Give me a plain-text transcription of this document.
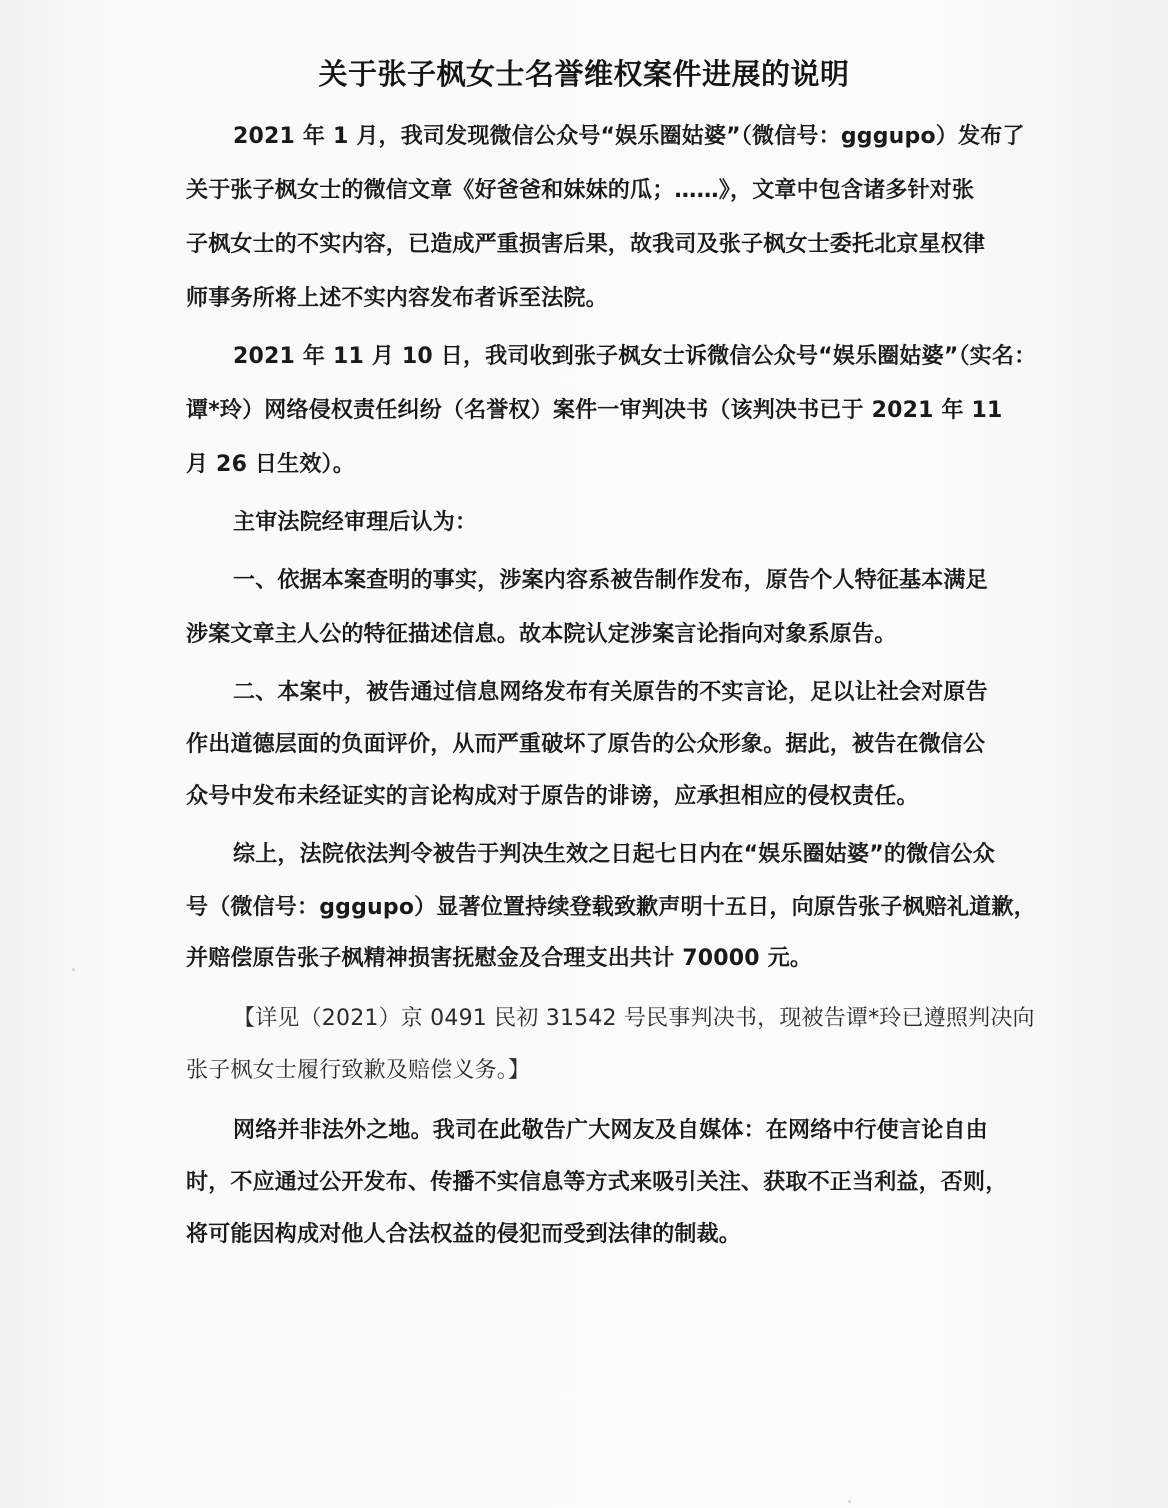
关于张子枫女士名誉维权案件进展的说明

2021 年 1 月，我司发现微信公众号“娱乐圈姑婆”（微信号：gggupo）发布了

关于张子枫女士的微信文章《好爸爸和妹妹的瓜；……》，文章中包含诸多针对张

子枫女士的不实内容，已造成严重损害后果，故我司及张子枫女士委托北京星权律

师事务所将上述不实内容发布者诉至法院。

2021 年 11 月 10 日，我司收到张子枫女士诉微信公众号“娱乐圈姑婆”（实名：

谭*玲）网络侵权责任纠纷（名誉权）案件一审判决书（该判决书已于 2021 年 11

月 26 日生效）。

主审法院经审理后认为：

一、依据本案查明的事实，涉案内容系被告制作发布，原告个人特征基本满足

涉案文章主人公的特征描述信息。故本院认定涉案言论指向对象系原告。

二、本案中，被告通过信息网络发布有关原告的不实言论，足以让社会对原告

作出道德层面的负面评价，从而严重破坏了原告的公众形象。据此，被告在微信公

众号中发布未经证实的言论构成对于原告的诽谤，应承担相应的侵权责任。

综上，法院依法判令被告于判决生效之日起七日内在“娱乐圈姑婆”的微信公众

号（微信号：gggupo）显著位置持续登载致歉声明十五日，向原告张子枫赔礼道歉，

并赔偿原告张子枫精神损害抚慰金及合理支出共计 70000 元。

【详见（2021）京 0491 民初 31542 号民事判决书，现被告谭*玲已遵照判决向

张子枫女士履行致歉及赔偿义务。】

网络并非法外之地。我司在此敬告广大网友及自媒体：在网络中行使言论自由

时，不应通过公开发布、传播不实信息等方式来吸引关注、获取不正当利益，否则，

将可能因构成对他人合法权益的侵犯而受到法律的制裁。
